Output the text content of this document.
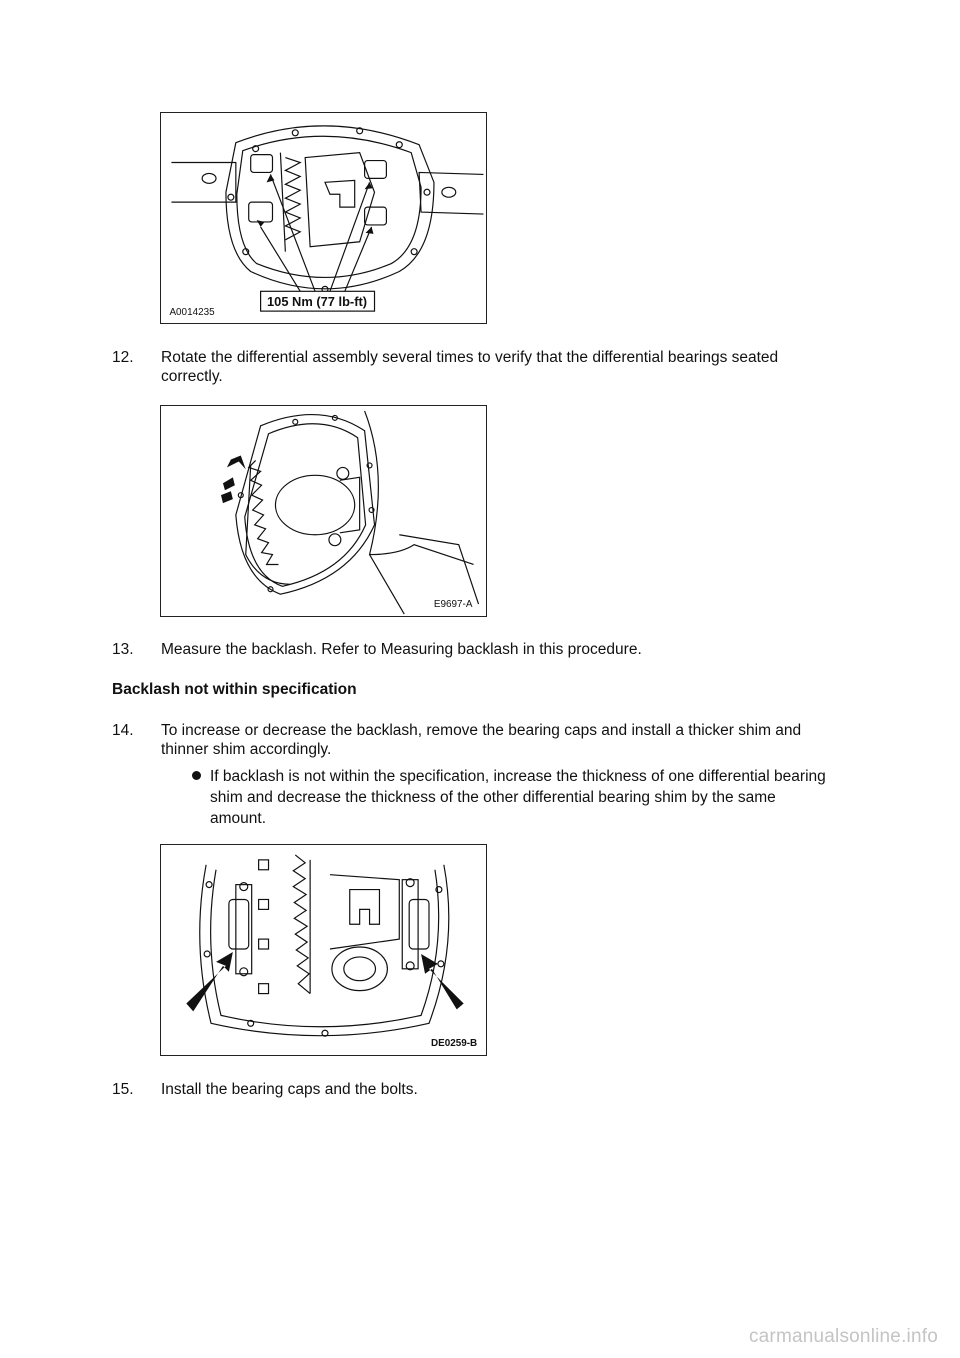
105 Nm (77 lb-ft)
A0014235
12.	Rotate the differential assembly several times to verify that the differential bearings seated correctly.
E9697-A
13.	Measure the backlash. Refer to Measuring backlash in this procedure.
Backlash not within specification
14.	To increase or decrease the backlash, remove the bearing caps and install a thicker shim and thinner shim accordingly.
If backlash is not within the specification, increase the thickness of one differential bearing shim and decrease the thickness of the other differential bearing shim by the same amount.
DE0259-B
15.	Install the bearing caps and the bolts.
carmanualsonline.info
